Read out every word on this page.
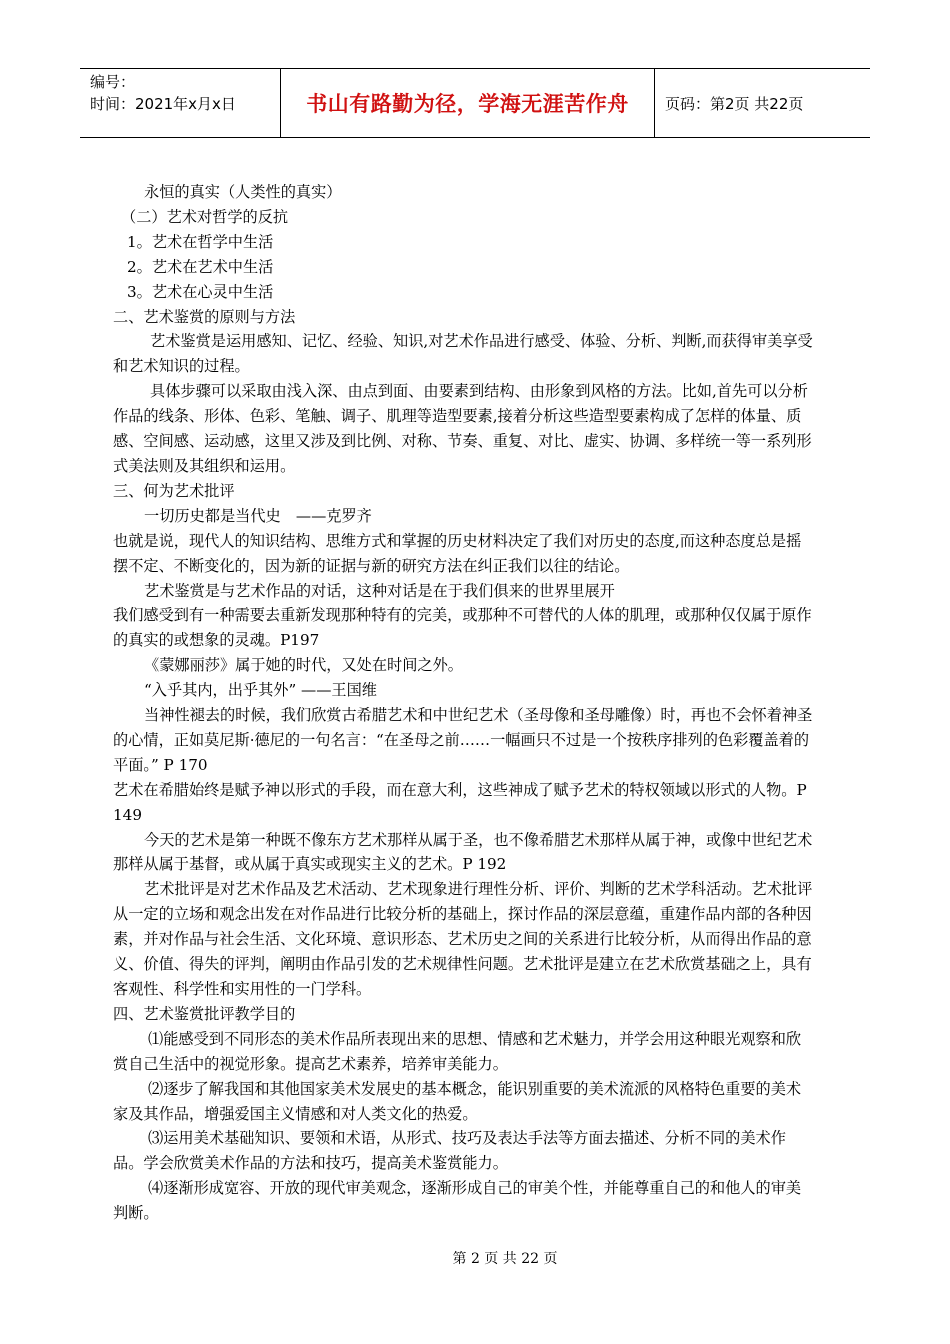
编号：
时间：2021年x月x日	书山有路勤为径，学海无涯苦作舟	页码：第2页 共22页

永恒的真实（人类性的真实）

（二）艺术对哲学的反抗

1。艺术在哲学中生活

2。艺术在艺术中生活

3。艺术在心灵中生活

二、艺术鉴赏的原则与方法

艺术鉴赏是运用感知、记忆、经验、知识,对艺术作品进行感受、体验、分析、判断,而获得审美享受和艺术知识的过程。

具体步骤可以采取由浅入深、由点到面、由要素到结构、由形象到风格的方法。比如,首先可以分析作品的线条、形体、色彩、笔触、调子、肌理等造型要素,接着分析这些造型要素构成了怎样的体量、质感、空间感、运动感，这里又涉及到比例、对称、节奏、重复、对比、虚实、协调、多样统一等一系列形式美法则及其组织和运用。

三、何为艺术批评

一切历史都是当代史　——克罗齐

也就是说，现代人的知识结构、思维方式和掌握的历史材料决定了我们对历史的态度,而这种态度总是摇摆不定、不断变化的，因为新的证据与新的研究方法在纠正我们以往的结论。

艺术鉴赏是与艺术作品的对话，这种对话是在于我们俱来的世界里展开

我们感受到有一种需要去重新发现那种特有的完美，或那种不可替代的人体的肌理，或那种仅仅属于原作的真实的或想象的灵魂。P197

《蒙娜丽莎》属于她的时代，又处在时间之外。

“入乎其内，出乎其外” ——王国维

当神性褪去的时候，我们欣赏古希腊艺术和中世纪艺术（圣母像和圣母雕像）时，再也不会怀着神圣的心情，正如莫尼斯·德尼的一句名言：“在圣母之前……一幅画只不过是一个按秩序排列的色彩覆盖着的平面。” P 170

艺术在希腊始终是赋予神以形式的手段，而在意大利，这些神成了赋予艺术的特权领域以形式的人物。P 149

今天的艺术是第一种既不像东方艺术那样从属于圣，也不像希腊艺术那样从属于神，或像中世纪艺术那样从属于基督，或从属于真实或现实主义的艺术。P 192

艺术批评是对艺术作品及艺术活动、艺术现象进行理性分析、评价、判断的艺术学科活动。艺术批评从一定的立场和观念出发在对作品进行比较分析的基础上，探讨作品的深层意蕴，重建作品内部的各种因素，并对作品与社会生活、文化环境、意识形态、艺术历史之间的关系进行比较分析，从而得出作品的意义、价值、得失的评判，阐明由作品引发的艺术规律性问题。艺术批评是建立在艺术欣赏基础之上，具有客观性、科学性和实用性的一门学科。

四、艺术鉴赏批评教学目的

⑴能感受到不同形态的美术作品所表现出来的思想、情感和艺术魅力，并学会用这种眼光观察和欣赏自己生活中的视觉形象。提高艺术素养，培养审美能力。

⑵逐步了解我国和其他国家美术发展史的基本概念，能识别重要的美术流派的风格特色重要的美术家及其作品，增强爱国主义情感和对人类文化的热爱。

⑶运用美术基础知识、要领和术语，从形式、技巧及表达手法等方面去描述、分析不同的美术作品。学会欣赏美术作品的方法和技巧，提高美术鉴赏能力。

⑷逐渐形成宽容、开放的现代审美观念，逐渐形成自己的审美个性，并能尊重自己的和他人的审美判断。

第 2 页 共 22 页
